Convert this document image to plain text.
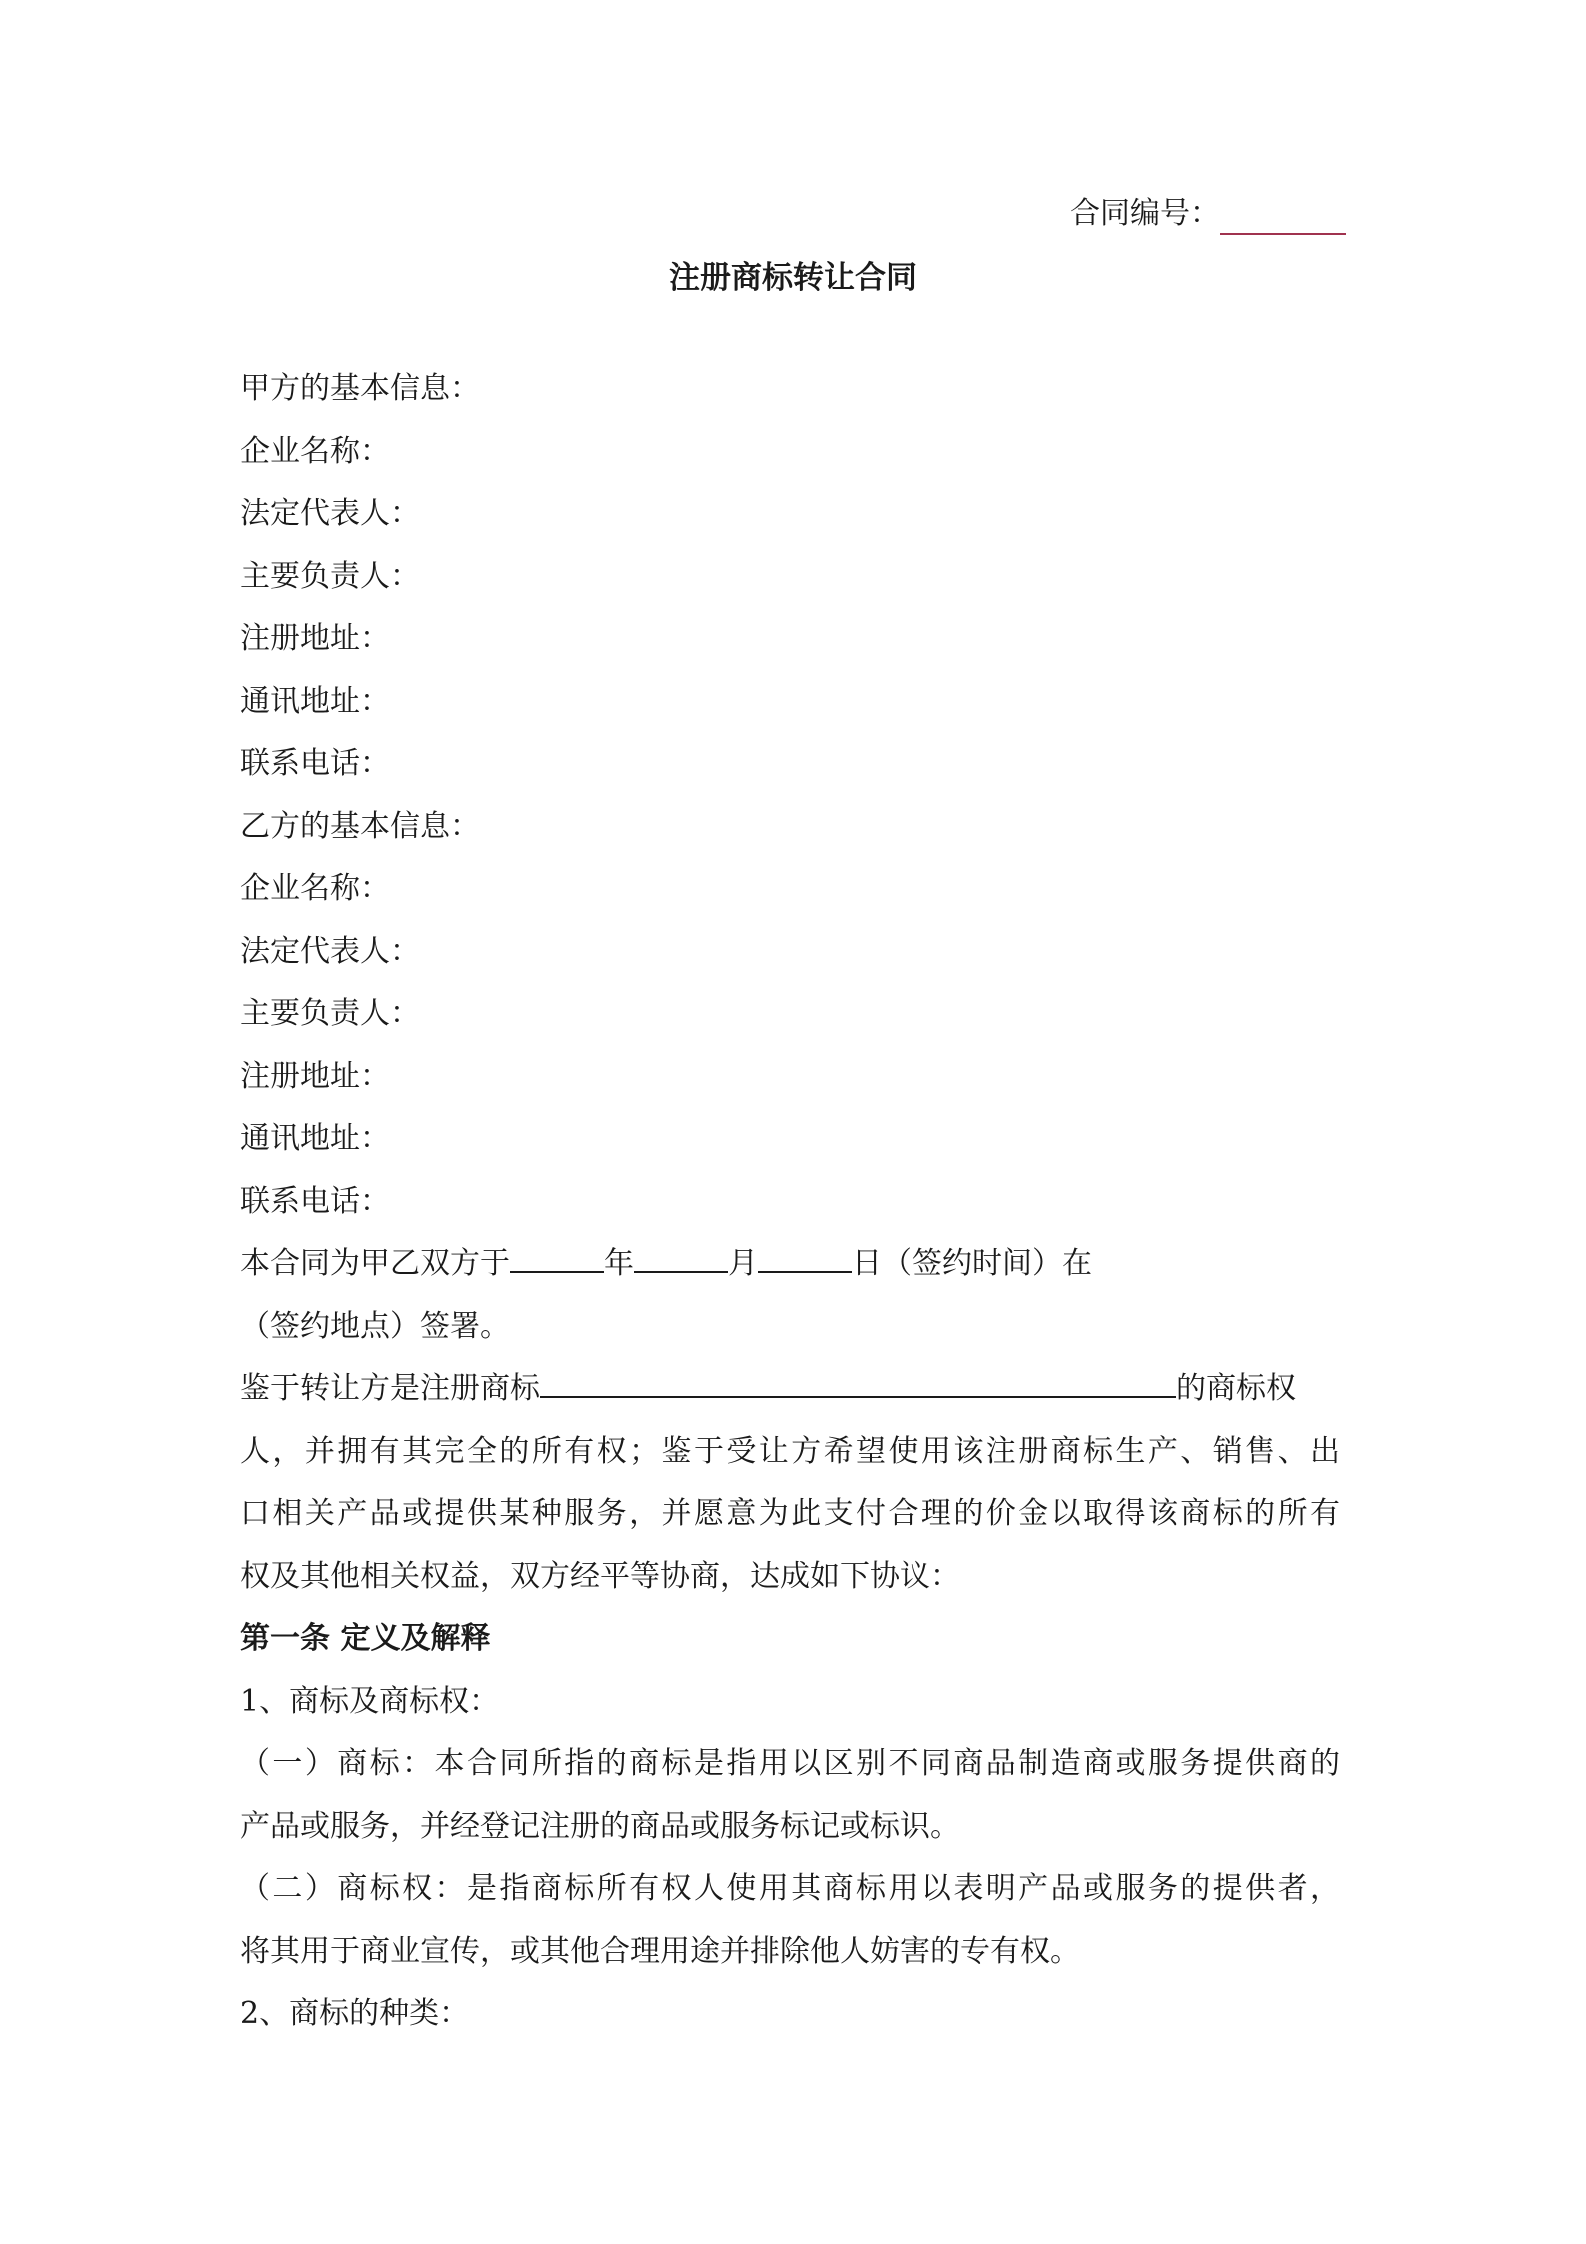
合同编号：
注册商标转让合同
甲方的基本信息：
企业名称：
法定代表人：
主要负责人：
注册地址：
通讯地址：
联系电话：
乙方的基本信息：
企业名称：
法定代表人：
主要负责人：
注册地址：
通讯地址：
联系电话：
本合同为甲乙双方于	年	月	日（签约时间）在
（签约地点）签署。
鉴于转让方是注册商标	的商标权
人，并拥有其完全的所有权；鉴于受让方希望使用该注册商标生产、销售、出
口相关产品或提供某种服务，并愿意为此支付合理的价金以取得该商标的所有
权及其他相关权益，双方经平等协商，达成如下协议：
第一条 定义及解释
1、商标及商标权：
（一）商标：本合同所指的商标是指用以区别不同商品制造商或服务提供商的
产品或服务，并经登记注册的商品或服务标记或标识。
（二）商标权：是指商标所有权人使用其商标用以表明产品或服务的提供者，
将其用于商业宣传，或其他合理用途并排除他人妨害的专有权。
2、商标的种类：
